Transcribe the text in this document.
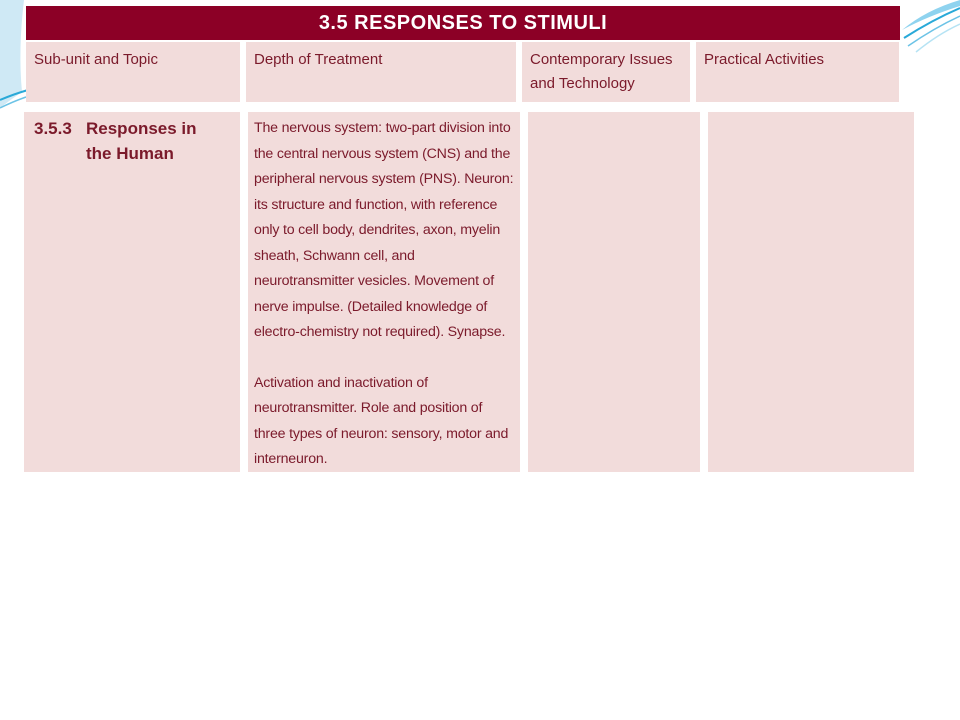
3.5 RESPONSES TO STIMULI
Sub-unit and Topic	Depth of Treatment	Contemporary Issues
and Technology
Practical Activities
3.5.3 Responses in
the Human

The nervous system: two-part division into the central nervous system (CNS) and the peripheral nervous system (PNS). Neuron: its structure and function, with reference only to cell body, dendrites, axon, myelin sheath, Schwann cell, and neurotransmitter vesicles. Movement of nerve impulse. (Detailed knowledge of electro-chemistry not required). Synapse.

Activation and inactivation of neurotransmitter. Role and position of three types of neuron: sensory, motor and interneuron.
